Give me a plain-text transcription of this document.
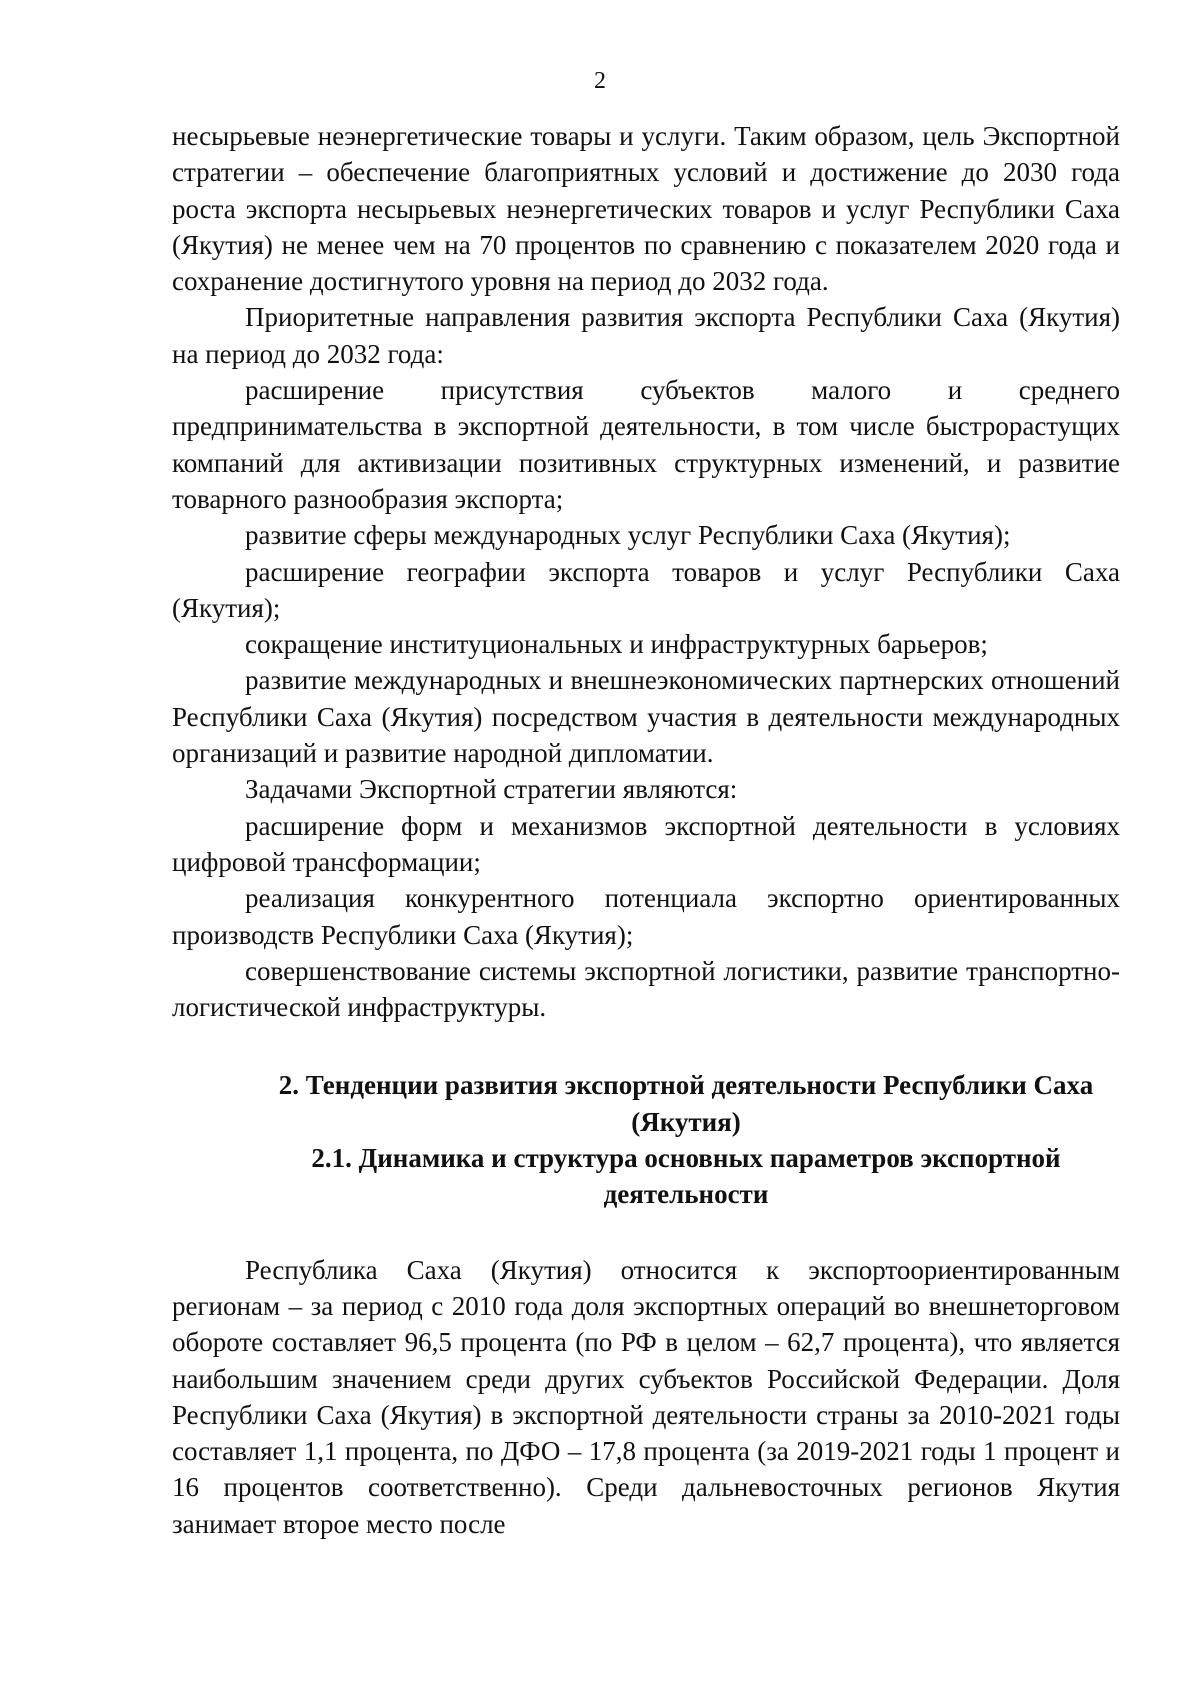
2

несырьевые неэнергетические товары и услуги. Таким образом, цель Экспортной стратегии – обеспечение благоприятных условий и достижение до 2030 года роста экспорта несырьевых неэнергетических товаров и услуг Республики Саха (Якутия) не менее чем на 70 процентов по сравнению с показателем 2020 года и сохранение достигнутого уровня на период до 2032 года.

Приоритетные направления развития экспорта Республики Саха (Якутия) на период до 2032 года:

расширение присутствия субъектов малого и среднего предпринимательства в экспортной деятельности, в том числе быстрорастущих компаний для активизации позитивных структурных изменений, и развитие товарного разнообразия экспорта;

развитие сферы международных услуг Республики Саха (Якутия);

расширение географии экспорта товаров и услуг Республики Саха (Якутия);

сокращение институциональных и инфраструктурных барьеров;

развитие международных и внешнеэкономических партнерских отношений Республики Саха (Якутия) посредством участия в деятельности международных организаций и развитие народной дипломатии.

Задачами Экспортной стратегии являются:

расширение форм и механизмов экспортной деятельности в условиях цифровой трансформации;

реализация конкурентного потенциала экспортно ориентированных производств Республики Саха (Якутия);

совершенствование системы экспортной логистики, развитие транспортно-логистической инфраструктуры.

2. Тенденции развития экспортной деятельности Республики Саха (Якутия)
2.1. Динамика и структура основных параметров экспортной деятельности

Республика Саха (Якутия) относится к экспортоориентированным регионам – за период с 2010 года доля экспортных операций во внешнеторговом обороте составляет 96,5 процента (по РФ в целом – 62,7 процента), что является наибольшим значением среди других субъектов Российской Федерации. Доля Республики Саха (Якутия) в экспортной деятельности страны за 2010-2021 годы составляет 1,1 процента, по ДФО – 17,8 процента (за 2019-2021 годы 1 процент и 16 процентов соответственно). Среди дальневосточных регионов Якутия занимает второе место после
